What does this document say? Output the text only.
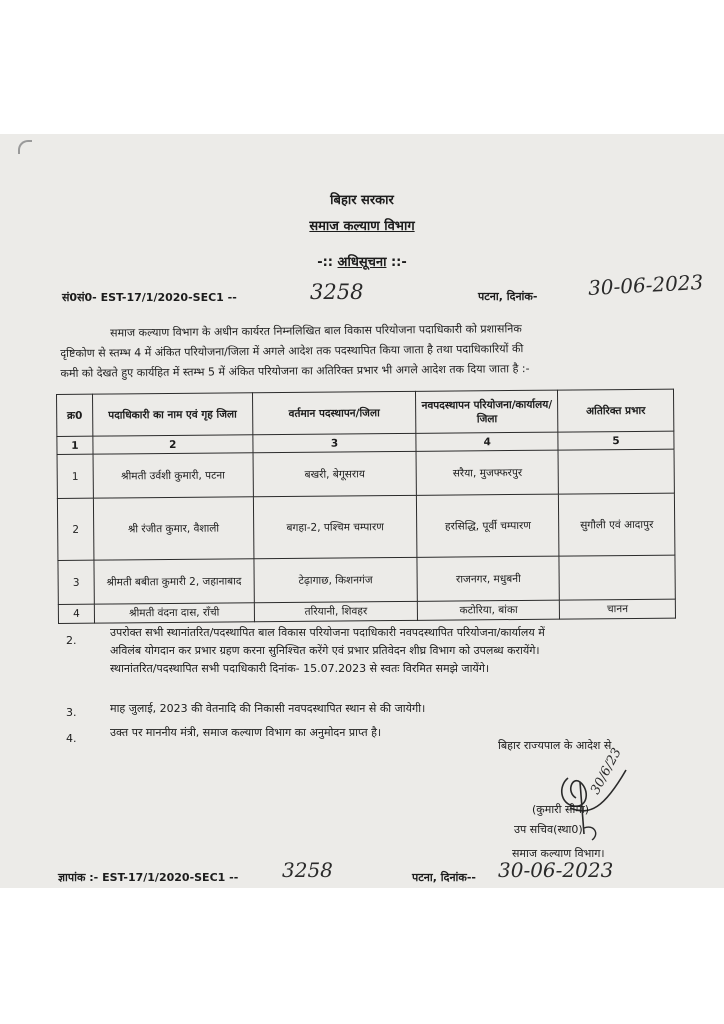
बिहार सरकार
समाज कल्याण विभाग
-:: अधिसूचना ::-
सं0सं0- EST-17/1/2020-SEC1 --	3258	पटना, दिनांक-	30-06-2023
समाज कल्याण विभाग के अधीन कार्यरत निम्नलिखित बाल विकास परियोजना पदाधिकारी को प्रशासनिक
दृष्टिकोण से स्तम्भ 4 में अंकित परियोजना/जिला में अगले आदेश तक पदस्थापित किया जाता है तथा पदाधिकारियों की
कमी को देखते हुए कार्यहित में स्तम्भ 5 में अंकित परियोजना का अतिरिक्त प्रभार भी अगले आदेश तक दिया जाता है :-
क्र0	पदाधिकारी का नाम एवं गृह जिला	वर्तमान पदस्थापन/जिला	नवपदस्थापन परियोजना/कार्यालय/जिला	अतिरिक्त प्रभार
1	2	3	4	5
1	श्रीमती उर्वशी कुमारी, पटना	बखरी, बेगूसराय	सरैया, मुजफ्फरपुर	
2	श्री रंजीत कुमार, वैशाली	बगहा-2, पश्चिम चम्पारण	हरसिद्धि, पूर्वी चम्पारण	सुगौली एवं आदापुर
3	श्रीमती बबीता कुमारी 2, जहानाबाद	टेढ़ागाछ, किशनगंज	राजनगर, मधुबनी	
4	श्रीमती वंदना दास, राँची	तरियानी, शिवहर	कटोरिया, बांका	चानन
2.
उपरोक्त सभी स्थानांतरित/पदस्थापित बाल विकास परियोजना पदाधिकारी नवपदस्थापित परियोजना/कार्यालय में
अविलंब योगदान कर प्रभार ग्रहण करना सुनिश्चित करेंगे एवं प्रभार प्रतिवेदन शीघ्र विभाग को उपलब्ध करायेंगे।
स्थानांतरित/पदस्थापित सभी पदाधिकारी दिनांक- 15.07.2023 से स्वतः विरमित समझे जायेंगे।
3.	माह जुलाई, 2023 की वेतनादि की निकासी नवपदस्थापित स्थान से की जायेगी।
4.	उक्त पर माननीय मंत्री, समाज कल्याण विभाग का अनुमोदन प्राप्त है।
बिहार राज्यपाल के आदेश से
30/6/23
(कुमारी सीमा)
उप सचिव(स्था0)
समाज कल्याण विभाग।
ज्ञापांक :- EST-17/1/2020-SEC1 -- 3258	पटना, दिनांक-- 30-06-2023
